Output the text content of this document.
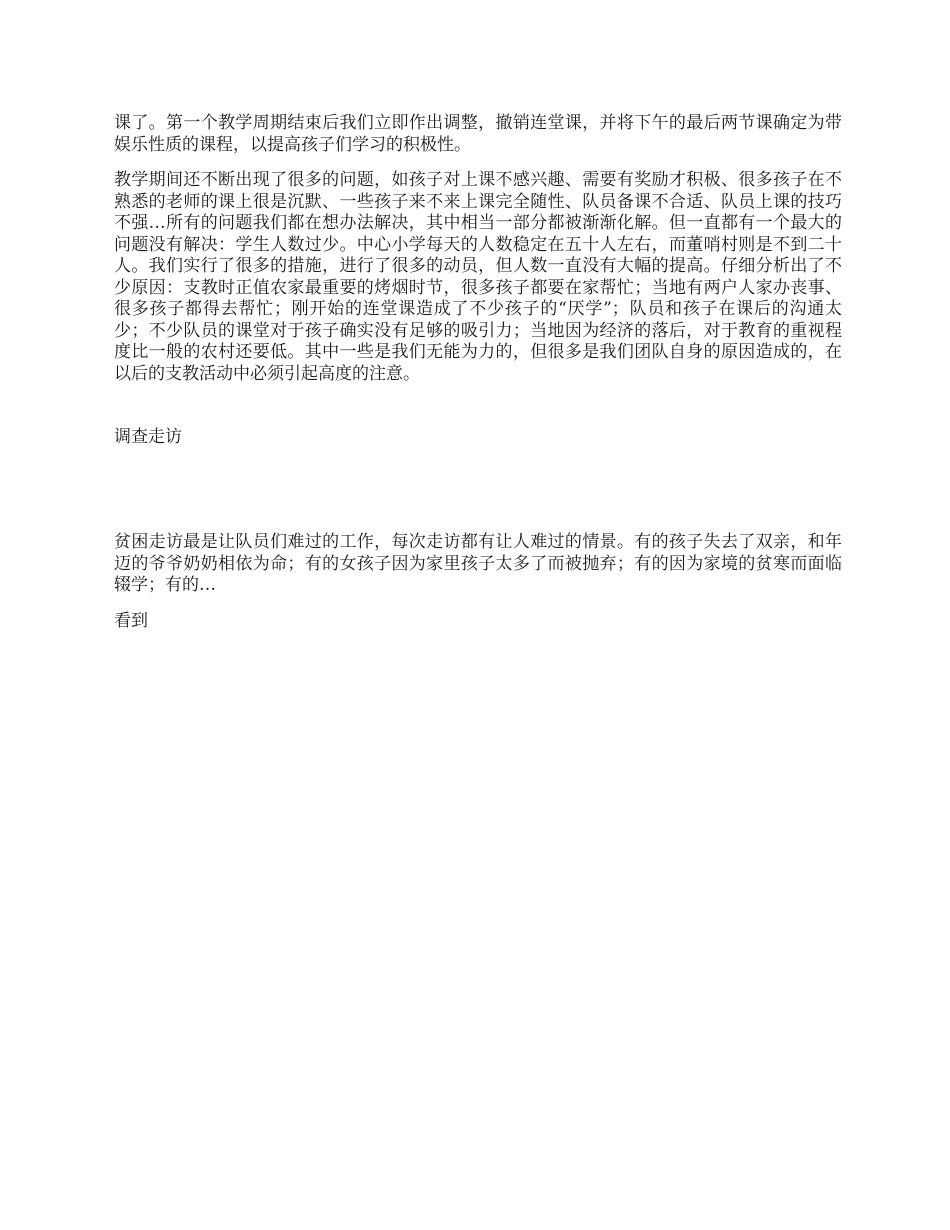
课了。第一个教学周期结束后我们立即作出调整，撤销连堂课，并将下午的最后两节课确定为带娱乐性质的课程，以提高孩子们学习的积极性。
教学期间还不断出现了很多的问题，如孩子对上课不感兴趣、需要有奖励才积极、很多孩子在不熟悉的老师的课上很是沉默、一些孩子来不来上课完全随性、队员备课不合适、队员上课的技巧不强…所有的问题我们都在想办法解决，其中相当一部分都被渐渐化解。但一直都有一个最大的问题没有解决：学生人数过少。中心小学每天的人数稳定在五十人左右，而董哨村则是不到二十人。我们实行了很多的措施，进行了很多的动员，但人数一直没有大幅的提高。仔细分析出了不少原因：支教时正值农家最重要的烤烟时节，很多孩子都要在家帮忙；当地有两户人家办丧事、很多孩子都得去帮忙；刚开始的连堂课造成了不少孩子的“厌学”；队员和孩子在课后的沟通太少；不少队员的课堂对于孩子确实没有足够的吸引力；当地因为经济的落后，对于教育的重视程度比一般的农村还要低。其中一些是我们无能为力的，但很多是我们团队自身的原因造成的，在以后的支教活动中必须引起高度的注意。
调查走访
贫困走访最是让队员们难过的工作，每次走访都有让人难过的情景。有的孩子失去了双亲，和年迈的爷爷奶奶相依为命；有的女孩子因为家里孩子太多了而被抛弃；有的因为家境的贫寒而面临辍学；有的…
看到
